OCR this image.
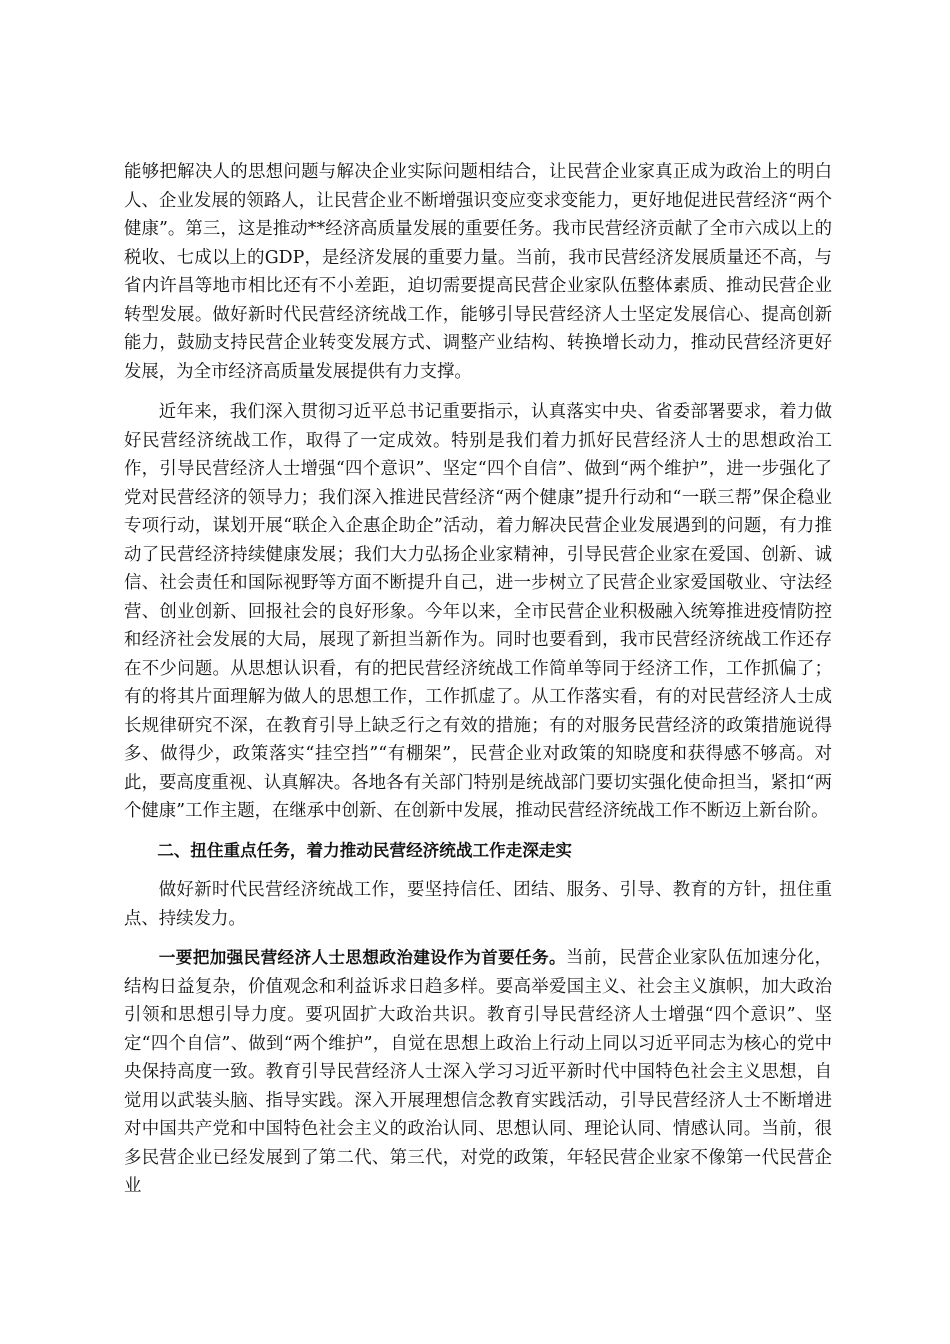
能够把解决人的思想问题与解决企业实际问题相结合，让民营企业家真正成为政治上的明白人、企业发展的领路人，让民营企业不断增强识变应变求变能力，更好地促进民营经济“两个健康”。第三，这是推动**经济高质量发展的重要任务。我市民营经济贡献了全市六成以上的税收、七成以上的GDP，是经济发展的重要力量。当前，我市民营经济发展质量还不高，与省内许昌等地市相比还有不小差距，迫切需要提高民营企业家队伍整体素质、推动民营企业转型发展。做好新时代民营经济统战工作，能够引导民营经济人士坚定发展信心、提高创新能力，鼓励支持民营企业转变发展方式、调整产业结构、转换增长动力，推动民营经济更好发展，为全市经济高质量发展提供有力支撑。

近年来，我们深入贯彻习近平总书记重要指示，认真落实中央、省委部署要求，着力做好民营经济统战工作，取得了一定成效。特别是我们着力抓好民营经济人士的思想政治工作，引导民营经济人士增强“四个意识”、坚定“四个自信”、做到“两个维护”，进一步强化了党对民营经济的领导力；我们深入推进民营经济“两个健康”提升行动和“一联三帮”保企稳业专项行动，谋划开展“联企入企惠企助企”活动，着力解决民营企业发展遇到的问题，有力推动了民营经济持续健康发展；我们大力弘扬企业家精神，引导民营企业家在爱国、创新、诚信、社会责任和国际视野等方面不断提升自己，进一步树立了民营企业家爱国敬业、守法经营、创业创新、回报社会的良好形象。今年以来，全市民营企业积极融入统筹推进疫情防控和经济社会发展的大局，展现了新担当新作为。同时也要看到，我市民营经济统战工作还存在不少问题。从思想认识看，有的把民营经济统战工作简单等同于经济工作，工作抓偏了；有的将其片面理解为做人的思想工作，工作抓虚了。从工作落实看，有的对民营经济人士成长规律研究不深，在教育引导上缺乏行之有效的措施；有的对服务民营经济的政策措施说得多、做得少，政策落实“挂空挡”“有棚架”，民营企业对政策的知晓度和获得感不够高。对此，要高度重视、认真解决。各地各有关部门特别是统战部门要切实强化使命担当，紧扣“两个健康”工作主题，在继承中创新、在创新中发展，推动民营经济统战工作不断迈上新台阶。

二、扭住重点任务，着力推动民营经济统战工作走深走实

做好新时代民营经济统战工作，要坚持信任、团结、服务、引导、教育的方针，扭住重点、持续发力。

一要把加强民营经济人士思想政治建设作为首要任务。当前，民营企业家队伍加速分化，结构日益复杂，价值观念和利益诉求日趋多样。要高举爱国主义、社会主义旗帜，加大政治引领和思想引导力度。要巩固扩大政治共识。教育引导民营经济人士增强“四个意识”、坚定“四个自信”、做到“两个维护”，自觉在思想上政治上行动上同以习近平同志为核心的党中央保持高度一致。教育引导民营经济人士深入学习习近平新时代中国特色社会主义思想，自觉用以武装头脑、指导实践。深入开展理想信念教育实践活动，引导民营经济人士不断增进对中国共产党和中国特色社会主义的政治认同、思想认同、理论认同、情感认同。当前，很多民营企业已经发展到了第二代、第三代，对党的政策，年轻民营企业家不像第一代民营企业
